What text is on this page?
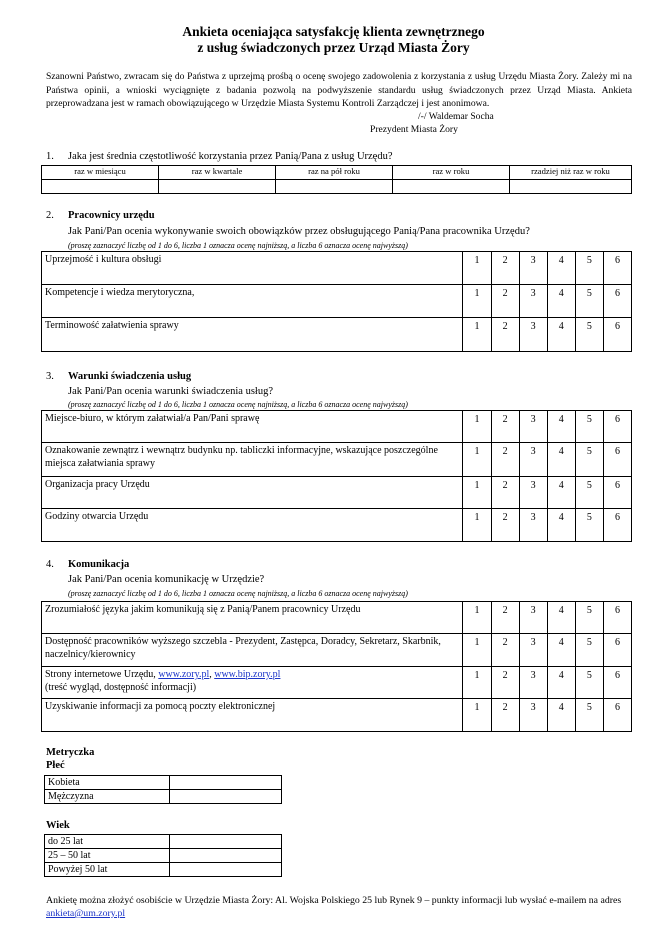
Ankieta oceniająca satysfakcję klienta zewnętrznego
z usług świadczonych przez Urząd Miasta Żory
Szanowni Państwo, zwracam się do Państwa z uprzejmą prośbą o ocenę swojego zadowolenia z korzystania z usług Urzędu Miasta Żory. Zależy mi na Państwa opinii, a wnioski wyciągnięte z badania pozwolą na podwyższenie standardu usług świadczonych przez Urząd Miasta. Ankieta przeprowadzana jest w ramach obowiązującego w Urzędzie Miasta Systemu Kontroli Zarządczej i jest anonimowa.
/-/ Waldemar Socha
Prezydent Miasta Żory
1. Jaka jest średnia częstotliwość korzystania przez Panią/Pana z usług Urzędu?
raz w miesiącu	raz w kwartale	raz na pół roku	raz w roku	rzadziej niż raz w roku

2. Pracownicy urzędu
Jak Pani/Pan ocenia wykonywanie swoich obowiązków przez obsługującego Panią/Pana pracownika Urzędu?
(proszę zaznaczyć liczbę od 1 do 6, liczba 1 oznacza ocenę najniższą, a liczba 6 oznacza ocenę najwyższą)
Uprzejmość i kultura obsługi	1	2	3	4	5	6
Kompetencje i wiedza merytoryczna,	1	2	3	4	5	6
Terminowość załatwienia sprawy	1	2	3	4	5	6
3. Warunki świadczenia usług
Jak Pani/Pan ocenia warunki świadczenia usług?
(proszę zaznaczyć liczbę od 1 do 6, liczba 1 oznacza ocenę najniższą, a liczba 6 oznacza ocenę najwyższą)
Miejsce-biuro, w którym załatwiał/a Pan/Pani sprawę	1	2	3	4	5	6
Oznakowanie zewnątrz i wewnątrz budynku np. tabliczki informacyjne, wskazujące poszczególne miejsca załatwiania sprawy	1	2	3	4	5	6
Organizacja pracy Urzędu	1	2	3	4	5	6
Godziny otwarcia Urzędu	1	2	3	4	5	6
4. Komunikacja
Jak Pani/Pan ocenia komunikację w Urzędzie?
(proszę zaznaczyć liczbę od 1 do 6, liczba 1 oznacza ocenę najniższą, a liczba 6 oznacza ocenę najwyższą)
Zrozumiałość języka jakim komunikują się z Panią/Panem pracownicy Urzędu	1	2	3	4	5	6
Dostępność pracowników wyższego szczebla - Prezydent, Zastępca, Doradcy, Sekretarz, Skarbnik, naczelnicy/kierownicy	1	2	3	4	5	6
Strony internetowe Urzędu, www.zory.pl, www.bip.zory.pl
(treść wygląd, dostępność informacji)	1	2	3	4	5	6
Uzyskiwanie informacji za pomocą poczty elektronicznej	1	2	3	4	5	6
Metryczka
Płeć
Kobieta	
Mężczyzna	
Wiek
do 25 lat	
25 – 50 lat	
Powyżej 50 lat	
Ankietę można złożyć osobiście w Urzędzie Miasta Żory: Al. Wojska Polskiego 25 lub Rynek 9 – punkty informacji lub wysłać e-mailem na adres ankieta@um.zory.pl
